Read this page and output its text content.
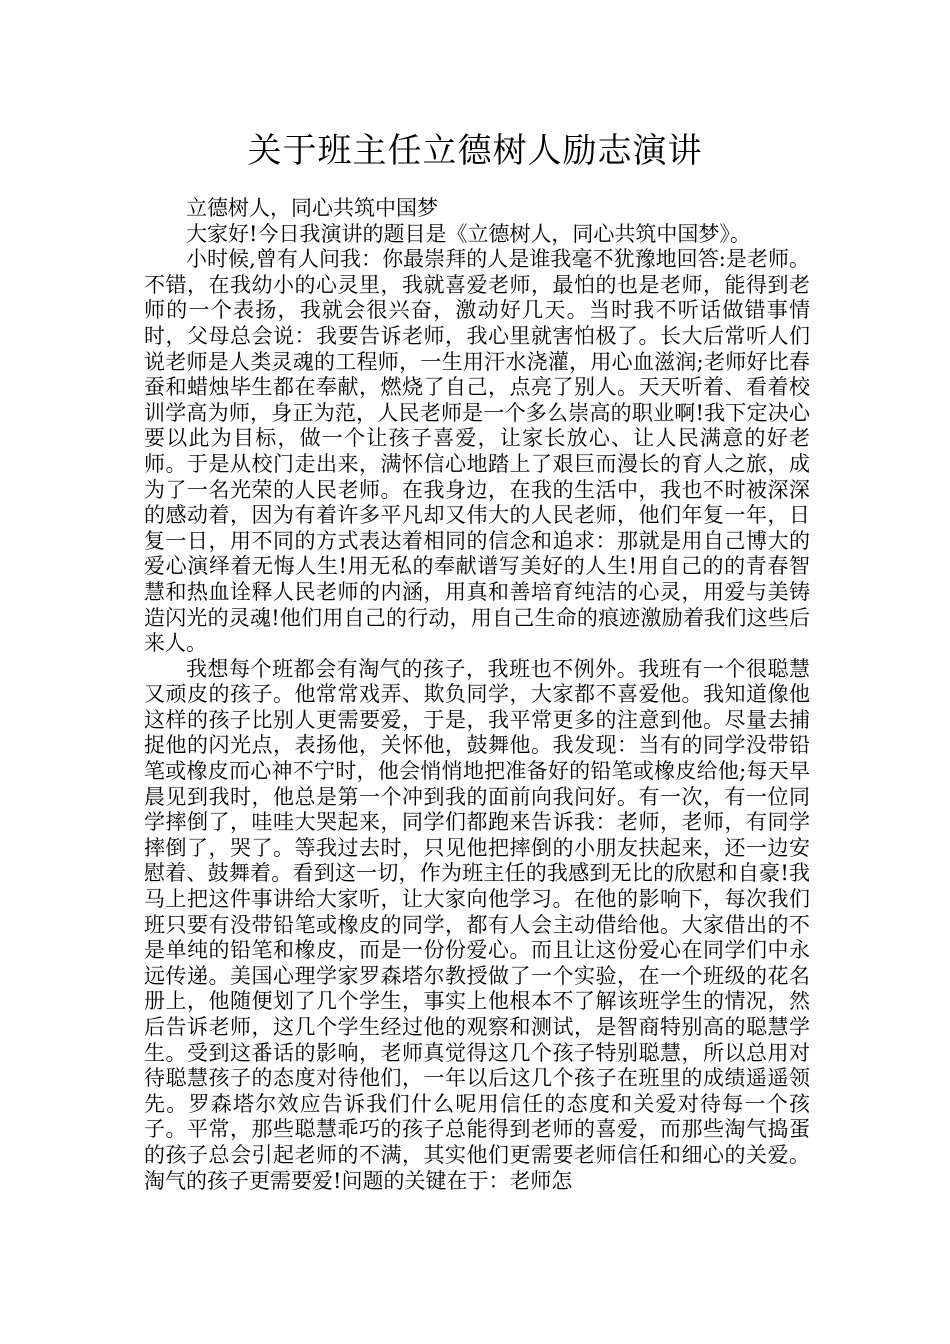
关于班主任立德树人励志演讲

立德树人，同心共筑中国梦

大家好!今日我演讲的题目是《立德树人，同心共筑中国梦》。

小时候,曾有人问我：你最崇拜的人是谁我毫不犹豫地回答:是老师。不错，在我幼小的心灵里，我就喜爱老师，最怕的也是老师，能得到老师的一个表扬，我就会很兴奋，激动好几天。当时我不听话做错事情时，父母总会说：我要告诉老师，我心里就害怕极了。长大后常听人们说老师是人类灵魂的工程师，一生用汗水浇灌，用心血滋润;老师好比春蚕和蜡烛毕生都在奉献，燃烧了自己，点亮了别人。天天听着、看着校训学高为师，身正为范，人民老师是一个多么崇高的职业啊!我下定决心要以此为目标，做一个让孩子喜爱，让家长放心、让人民满意的好老师。于是从校门走出来，满怀信心地踏上了艰巨而漫长的育人之旅，成为了一名光荣的人民老师。在我身边，在我的生活中，我也不时被深深的感动着，因为有着许多平凡却又伟大的人民老师，他们年复一年，日复一日，用不同的方式表达着相同的信念和追求：那就是用自己博大的爱心演绎着无悔人生!用无私的奉献谱写美好的人生!用自己的的青春智慧和热血诠释人民老师的内涵，用真和善培育纯洁的心灵，用爱与美铸造闪光的灵魂!他们用自己的行动，用自己生命的痕迹激励着我们这些后来人。

我想每个班都会有淘气的孩子，我班也不例外。我班有一个很聪慧又顽皮的孩子。他常常戏弄、欺负同学，大家都不喜爱他。我知道像他这样的孩子比别人更需要爱，于是，我平常更多的注意到他。尽量去捕捉他的闪光点，表扬他，关怀他，鼓舞他。我发现：当有的同学没带铅笔或橡皮而心神不宁时，他会悄悄地把准备好的铅笔或橡皮给他;每天早晨见到我时，他总是第一个冲到我的面前向我问好。有一次，有一位同学摔倒了，哇哇大哭起来，同学们都跑来告诉我：老师，老师，有同学摔倒了，哭了。等我过去时，只见他把摔倒的小朋友扶起来，还一边安慰着、鼓舞着。看到这一切，作为班主任的我感到无比的欣慰和自豪!我马上把这件事讲给大家听，让大家向他学习。在他的影响下，每次我们班只要有没带铅笔或橡皮的同学，都有人会主动借给他。大家借出的不是单纯的铅笔和橡皮，而是一份份爱心。而且让这份爱心在同学们中永远传递。美国心理学家罗森塔尔教授做了一个实验，在一个班级的花名册上，他随便划了几个学生，事实上他根本不了解该班学生的情况，然后告诉老师，这几个学生经过他的观察和测试，是智商特别高的聪慧学生。受到这番话的影响，老师真觉得这几个孩子特别聪慧，所以总用对待聪慧孩子的态度对待他们，一年以后这几个孩子在班里的成绩遥遥领先。罗森塔尔效应告诉我们什么呢用信任的态度和关爱对待每一个孩子。平常，那些聪慧乖巧的孩子总能得到老师的喜爱，而那些淘气捣蛋的孩子总会引起老师的不满，其实他们更需要老师信任和细心的关爱。淘气的孩子更需要爱!问题的关键在于：老师怎
